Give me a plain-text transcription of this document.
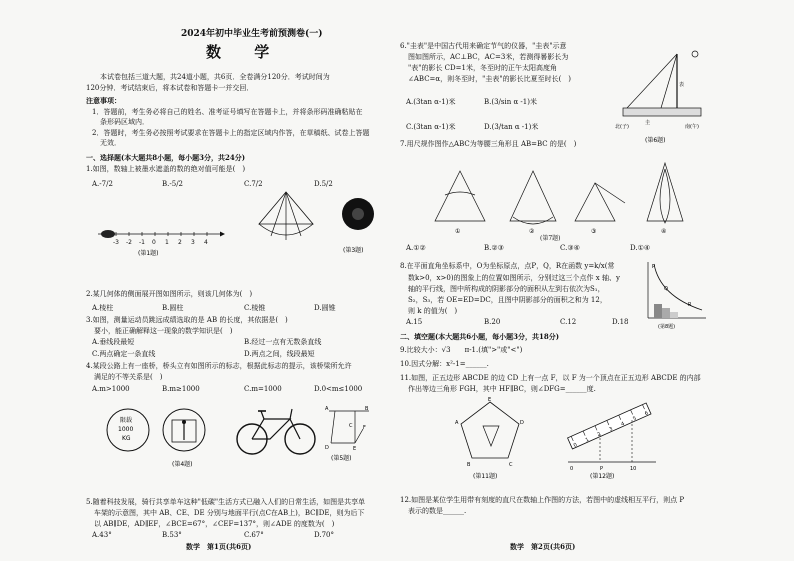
2024年初中毕业生考前预测卷(一)
数 学
本试卷包括三道大题，共24道小题，共6页．全卷满分120分．考试时间为
120分钟．考试结束后，将本试卷和答题卡一并交回．
注意事项：
1．答题前，考生务必将自己的姓名、准考证号填写在答题卡上，并将条形码准确粘贴在
条形码区域内．
2．答题时，考生务必按照考试要求在答题卡上的指定区域内作答，在草稿纸、试卷上答题
无效．
一、选择题(本大题共8小题，每小题3分，共24分)
1.如图，数轴上被墨水遮盖的数的绝对值可能是(　)
A.-7/2	B.-5/2	C.7/2	D.5/2
-3 -2 -1 0 1 2 3 4
(第1题)	(第3题)
2.某几何体的侧面展开图如图所示，则该几何体为(　)
A.棱柱	B.圆柱	C.棱锥	D.圆锥
3.如图，测量运动员跳远成绩选取的是 AB 的长度，其依据是(　)
要小，能正确解释这一现象的数学知识是(　)
A.垂线段最短	B.经过一点有无数条直线
C.两点确定一条直线	D.两点之间，线段最短
4.某段公路上有一座桥，桥头立有如图所示的标志，根据此标志的提示，该桥梁所允许
满足的不等关系是(　)
A.m>1000	B.m≥1000	C.m=1000	D.0<m≤1000
限载
1000
KG
(第4题)
A	B
D	E
F
C
(第5题)
5.随着科技发展，骑行共享单车这种"低碳"生活方式已融入人们的日常生活，如图是共享单
车架的示意图，其中 AB、CE、DE 分别与地面平行(点C在AB上)，BC∥DE，则为后下
以 AB∥DE，AD∥EF，∠BCE=67°，∠CEF=137°，则∠ADE 的度数为(　)
A.43°	B.53°	C.67°	D.70°
数学　第1页(共6页)
6."圭表"是中国古代用来确定节气的仪器，"圭表"示意
图如图所示，AC⊥BC，AC=3米，若测得晷影长为
"表"的影长 CD=1米，冬至时的正午太阳高度角
∠ABC=α，则冬至时，"圭表"的影长比夏至时长(　)
A.(3tan α-1)米	B.(3/sin α -1)米
C.(3tan α-1)米	D.(3/tan α -1)米	北(子)	南(午)
表
圭
(第6题)
7.用尺规作图作△ABC为等腰三角形且 AB=BC 的是(　)
①	②	③	④
(第7题)
A.①②	B.②③	C.③④	D.①④
8.在平面直角坐标系中，O为坐标原点，点P，Q，R在函数 y=k/x(常
数k>0，x>0)的图象上的位置如图所示，分别过这三个点作 x 轴、y
轴的平行线，图中所构成的阴影部分的面积从左到右依次为S₁，
S₂，S₃，若 OE=ED=DC，且图中阴影部分的面积之和为 12，
则 k 的值为(　)
A.15	B.20	C.12	D.18
P
Q
R
(第8题)
二、填空题(本大题共6小题，每小题3分，共18分)
9.比较大小：√3　　π-1.(填">"或"<")
10.因式分解：x²-1=______.
11.如图，正五边形 ABCDE 的边 CD 上有一点 F，以 F 为一个顶点在正五边形 ABCDE 的内部
作出等边三角形 FGH，其中 HF∥BC，则∠DFG=______度.
E
A	D
B	C
(第11题)
0
1
2
3
4
5
6
0	P	10
(第12题)
12.如图是某位学生用带有刻度的直尺在数轴上作图的方法，若图中的虚线相互平行，则点 P
表示的数是______.
数学　第2页(共6页)
